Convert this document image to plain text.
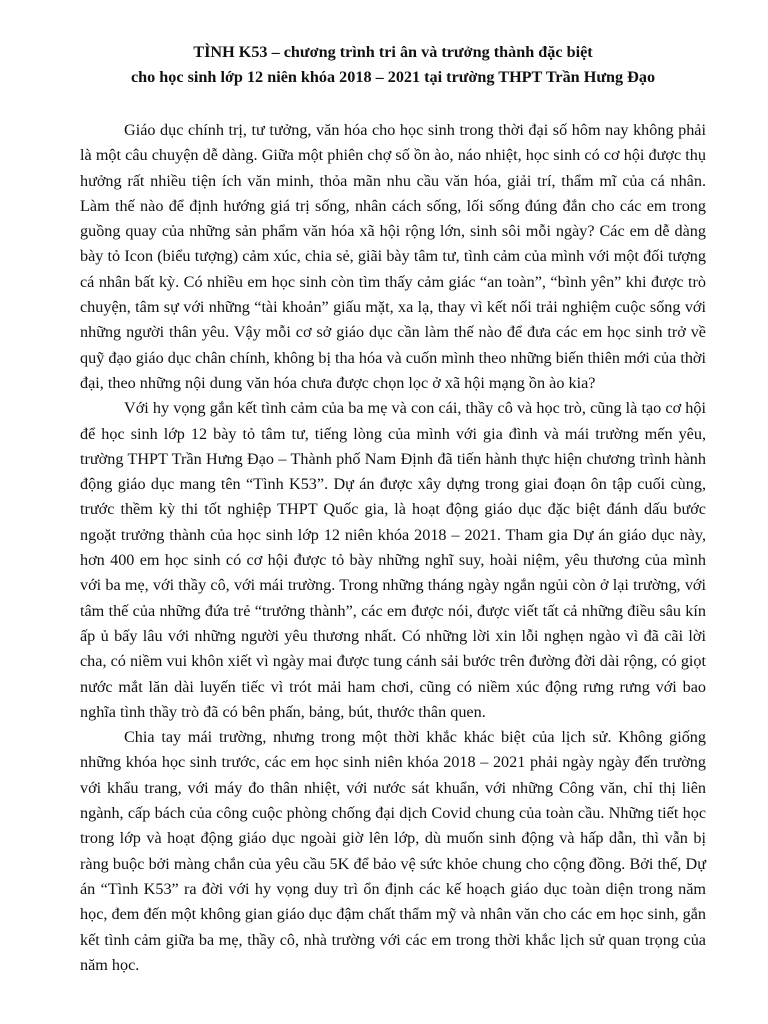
TÌNH K53 – chương trình tri ân và trưởng thành đặc biệt
cho học sinh lớp 12 niên khóa 2018 – 2021 tại trường THPT Trần Hưng Đạo

Giáo dục chính trị, tư tưởng, văn hóa cho học sinh trong thời đại số hôm nay không phải là một câu chuyện dễ dàng. Giữa một phiên chợ số ồn ào, náo nhiệt, học sinh có cơ hội được thụ hưởng rất nhiều tiện ích văn minh, thỏa mãn nhu cầu văn hóa, giải trí, thẩm mĩ của cá nhân. Làm thế nào để định hướng giá trị sống, nhân cách sống, lối sống đúng đắn cho các em trong guồng quay của những sản phẩm văn hóa xã hội rộng lớn, sinh sôi mỗi ngày? Các em dễ dàng bày tỏ Icon (biểu tượng) cảm xúc, chia sẻ, giãi bày tâm tư, tình cảm của mình với một đối tượng cá nhân bất kỳ. Có nhiều em học sinh còn tìm thấy cảm giác “an toàn”, “bình yên” khi được trò chuyện, tâm sự với những “tài khoản” giấu mặt, xa lạ, thay vì kết nối trải nghiệm cuộc sống với những người thân yêu. Vậy mỗi cơ sở giáo dục cần làm thế nào để đưa các em học sinh trở về quỹ đạo giáo dục chân chính, không bị tha hóa và cuốn mình theo những biến thiên mới của thời đại, theo những nội dung văn hóa chưa được chọn lọc ở xã hội mạng ồn ào kia?

Với hy vọng gắn kết tình cảm của ba mẹ và con cái, thầy cô và học trò, cũng là tạo cơ hội để học sinh lớp 12 bày tỏ tâm tư, tiếng lòng của mình với gia đình và mái trường mến yêu, trường THPT Trần Hưng Đạo – Thành phố Nam Định đã tiến hành thực hiện chương trình hành động giáo dục mang tên “Tình K53”. Dự án được xây dựng trong giai đoạn ôn tập cuối cùng, trước thềm kỳ thi tốt nghiệp THPT Quốc gia, là hoạt động giáo dục đặc biệt đánh dấu bước ngoặt trưởng thành của học sinh lớp 12 niên khóa 2018 – 2021. Tham gia Dự án giáo dục này, hơn 400 em học sinh có cơ hội được tỏ bày những nghĩ suy, hoài niệm, yêu thương của mình với ba mẹ, với thầy cô, với mái trường. Trong những tháng ngày ngắn ngủi còn ở lại trường, với tâm thế của những đứa trẻ “trưởng thành”, các em được nói, được viết tất cả những điều sâu kín ấp ủ bấy lâu với những người yêu thương nhất. Có những lời xin lỗi nghẹn ngào vì đã cãi lời cha, có niềm vui khôn xiết vì ngày mai được tung cánh sải bước trên đường đời dài rộng, có giọt nước mắt lăn dài luyến tiếc vì trót mải ham chơi, cũng có niềm xúc động rưng rưng với bao nghĩa tình thầy trò đã có bên phấn, bảng, bút, thước thân quen.

Chia tay mái trường, nhưng trong một thời khắc khác biệt của lịch sử. Không giống những khóa học sinh trước, các em học sinh niên khóa 2018 – 2021 phải ngày ngày đến trường với khẩu trang, với máy đo thân nhiệt, với nước sát khuẩn, với những Công văn, chỉ thị liên ngành, cấp bách của công cuộc phòng chống đại dịch Covid chung của toàn cầu. Những tiết học trong lớp và hoạt động giáo dục ngoài giờ lên lớp, dù muốn sinh động và hấp dẫn, thì vẫn bị ràng buộc bởi màng chắn của yêu cầu 5K để bảo vệ sức khỏe chung cho cộng đồng. Bởi thế, Dự án “Tình K53” ra đời với hy vọng duy trì ổn định các kế hoạch giáo dục toàn diện trong năm học, đem đến một không gian giáo dục đậm chất thẩm mỹ và nhân văn cho các em học sinh, gắn kết tình cảm giữa ba mẹ, thầy cô, nhà trường với các em trong thời khắc lịch sử quan trọng của năm học.
